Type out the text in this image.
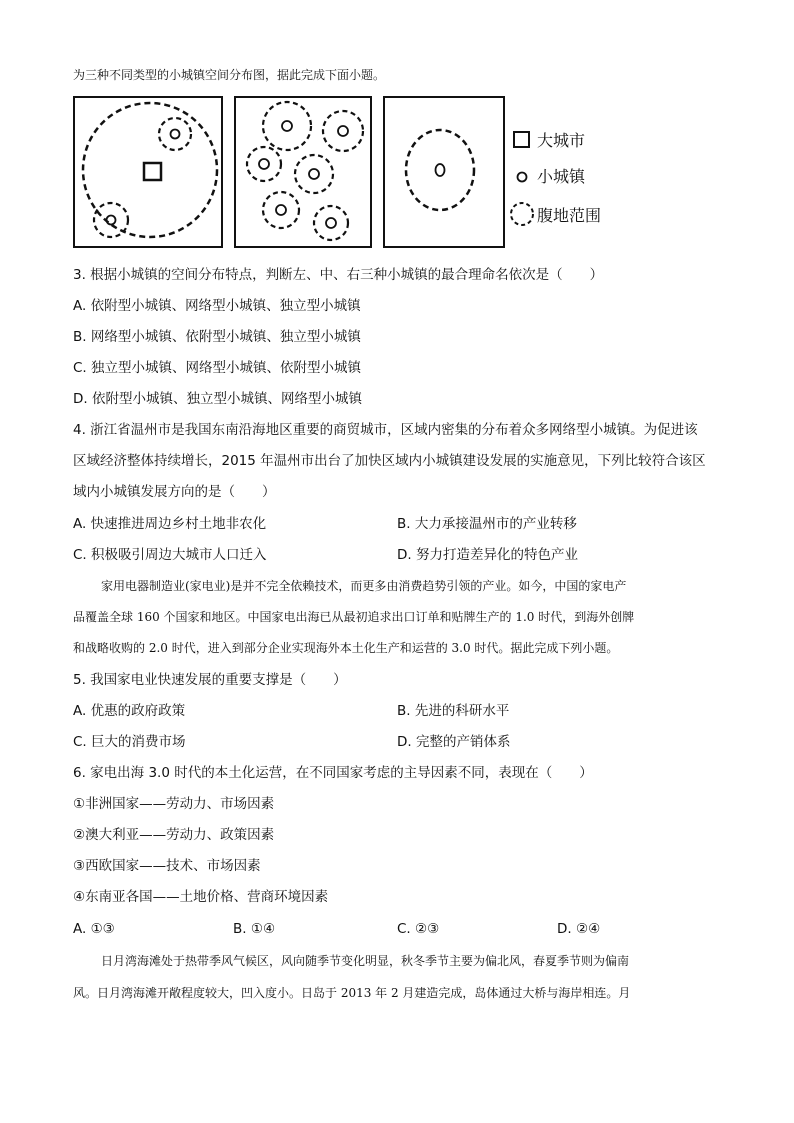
为三种不同类型的小城镇空间分布图，据此完成下面小题。
大城市
小城镇
腹地范围
3. 根据小城镇的空间分布特点，判断左、中、右三种小城镇的最合理命名依次是（　　）
A. 依附型小城镇、网络型小城镇、独立型小城镇
B. 网络型小城镇、依附型小城镇、独立型小城镇
C. 独立型小城镇、网络型小城镇、依附型小城镇
D. 依附型小城镇、独立型小城镇、网络型小城镇
4. 浙江省温州市是我国东南沿海地区重要的商贸城市，区域内密集的分布着众多网络型小城镇。为促进该
区域经济整体持续增长，2015 年温州市出台了加快区域内小城镇建设发展的实施意见，下列比较符合该区
域内小城镇发展方向的是（　　）
A. 快速推进周边乡村土地非农化	B. 大力承接温州市的产业转移
C. 积极吸引周边大城市人口迁入	D. 努力打造差异化的特色产业
家用电器制造业(家电业)是并不完全依赖技术，而更多由消费趋势引领的产业。如今，中国的家电产
品覆盖全球 160 个国家和地区。中国家电出海已从最初追求出口订单和贴牌生产的 1.0 时代，到海外创牌
和战略收购的 2.0 时代，进入到部分企业实现海外本土化生产和运营的 3.0 时代。据此完成下列小题。
5. 我国家电业快速发展的重要支撑是（　　）
A. 优惠的政府政策	B. 先进的科研水平
C. 巨大的消费市场	D. 完整的产销体系
6. 家电出海 3.0 时代的本土化运营，在不同国家考虑的主导因素不同，表现在（　　）
①非洲国家——劳动力、市场因素
②澳大利亚——劳动力、政策因素
③西欧国家——技术、市场因素
④东南亚各国——土地价格、营商环境因素
A. ①③	B. ①④	C. ②③	D. ②④
日月湾海滩处于热带季风气候区，风向随季节变化明显，秋冬季节主要为偏北风，春夏季节则为偏南
风。日月湾海滩开敞程度较大，凹入度小。日岛于 2013 年 2 月建造完成，岛体通过大桥与海岸相连。月
